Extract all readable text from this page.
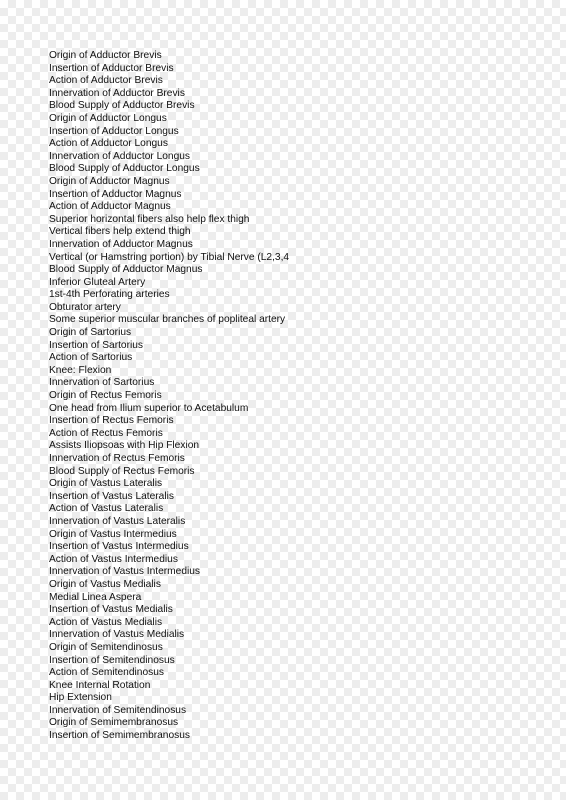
Origin of Adductor Brevis
Insertion of Adductor Brevis
Action of Adductor Brevis
Innervation of Adductor Brevis
Blood Supply of Adductor Brevis
Origin of Adductor Longus
Insertion of Adductor Longus
Action of Adductor Longus
Innervation of Adductor Longus
Blood Supply of Adductor Longus
Origin of Adductor Magnus
Insertion of Adductor Magnus
Action of Adductor Magnus
Superior horizontal fibers also help flex thigh
Vertical fibers help extend thigh
Innervation of Adductor Magnus
Vertical (or Hamstring portion) by Tibial Nerve (L2,3,4
Blood Supply of Adductor Magnus
Inferior Gluteal Artery
1st-4th Perforating arteries
Obturator artery
Some superior muscular branches of popliteal artery
Origin of Sartorius
Insertion of Sartorius
Action of Sartorius
Knee: Flexion
Innervation of Sartorius
Origin of Rectus Femoris
One head from Ilium superior to Acetabulum
Insertion of Rectus Femoris
Action of Rectus Femoris
Assists Iliopsoas with Hip Flexion
Innervation of Rectus Femoris
Blood Supply of Rectus Femoris
Origin of Vastus Lateralis
Insertion of Vastus Lateralis
Action of Vastus Lateralis
Innervation of Vastus Lateralis
Origin of Vastus Intermedius
Insertion of Vastus Intermedius
Action of Vastus Intermedius
Innervation of Vastus Intermedius
Origin of Vastus Medialis
Medial Linea Aspera
Insertion of Vastus Medialis
Action of Vastus Medialis
Innervation of Vastus Medialis
Origin of Semitendinosus
Insertion of Semitendinosus
Action of Semitendinosus
Knee Internal Rotation
Hip Extension
Innervation of Semitendinosus
Origin of Semimembranosus
Insertion of Semimembranosus
